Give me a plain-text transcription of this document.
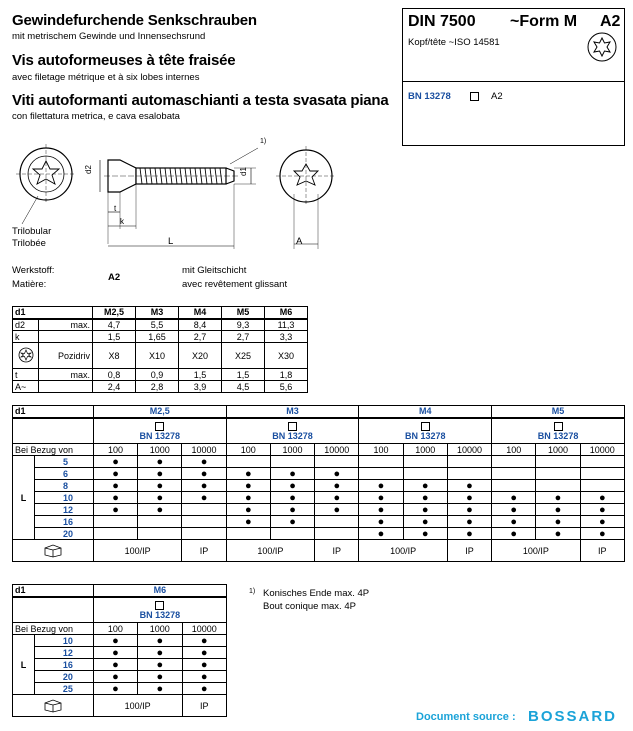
Gewindefurchende Senkschrauben
mit metrischem Gewinde und Innensechsrund
Vis autoformeuses à tête fraisée
avec filetage métrique et à six lobes internes
Viti autoformanti automaschianti a testa svasata piana
con filettatura metrica, e cava esalobata
DIN 7500 ~Form M A2
Kopf/tête ~ISO 14581
BN 13278	A2
Trilobular
Trilobée
d2	d1
1)
t
k
L	A
Werkstoff:
Matière:
A2
mit Gleitschicht
avec revêtement glissant
d1		M2,5	M3	M4	M5	M6
d2	max.	4,7	5,5	8,4	9,3	11,3
k		1,5	1,65	2,7	2,7	3,3
	Pozidriv	X8	X10	X20	X25	X30
t	max.	0,8	0,9	1,5	1,5	1,8
A~		2,4	2,8	3,9	4,5	5,6
d1		M2,5			M3			M4			M5		

BN 13278			BN 13278			BN 13278			BN 13278		
Bei Bezug von		100	1000	10000	100	1000	10000	100	1000	10000	100	1000	10000
L	5	●	●	●									
	6	●	●	●	●	●	●						
	8	●	●	●	●	●	●	●	●	●			
	10	●	●	●	●	●	●	●	●	●	●	●	●
	12	●	●		●	●	●	●	●	●	●	●	●
	16				●	●		●	●	●	●	●	●
	20							●	●	●	●	●	●
	100/IP		IP	100/IP		IP	100/IP		IP	100/IP		IP
d1		M6		

BN 13278		
Bei Bezug von		100	1000	10000
L	10	●	●	●
	12	●	●	●
	16	●	●	●
	20	●	●	●
	25	●	●	●
	100/IP		IP
1) Konisches Ende max. 4P
Bout conique max. 4P
Document source : BOSSARD
